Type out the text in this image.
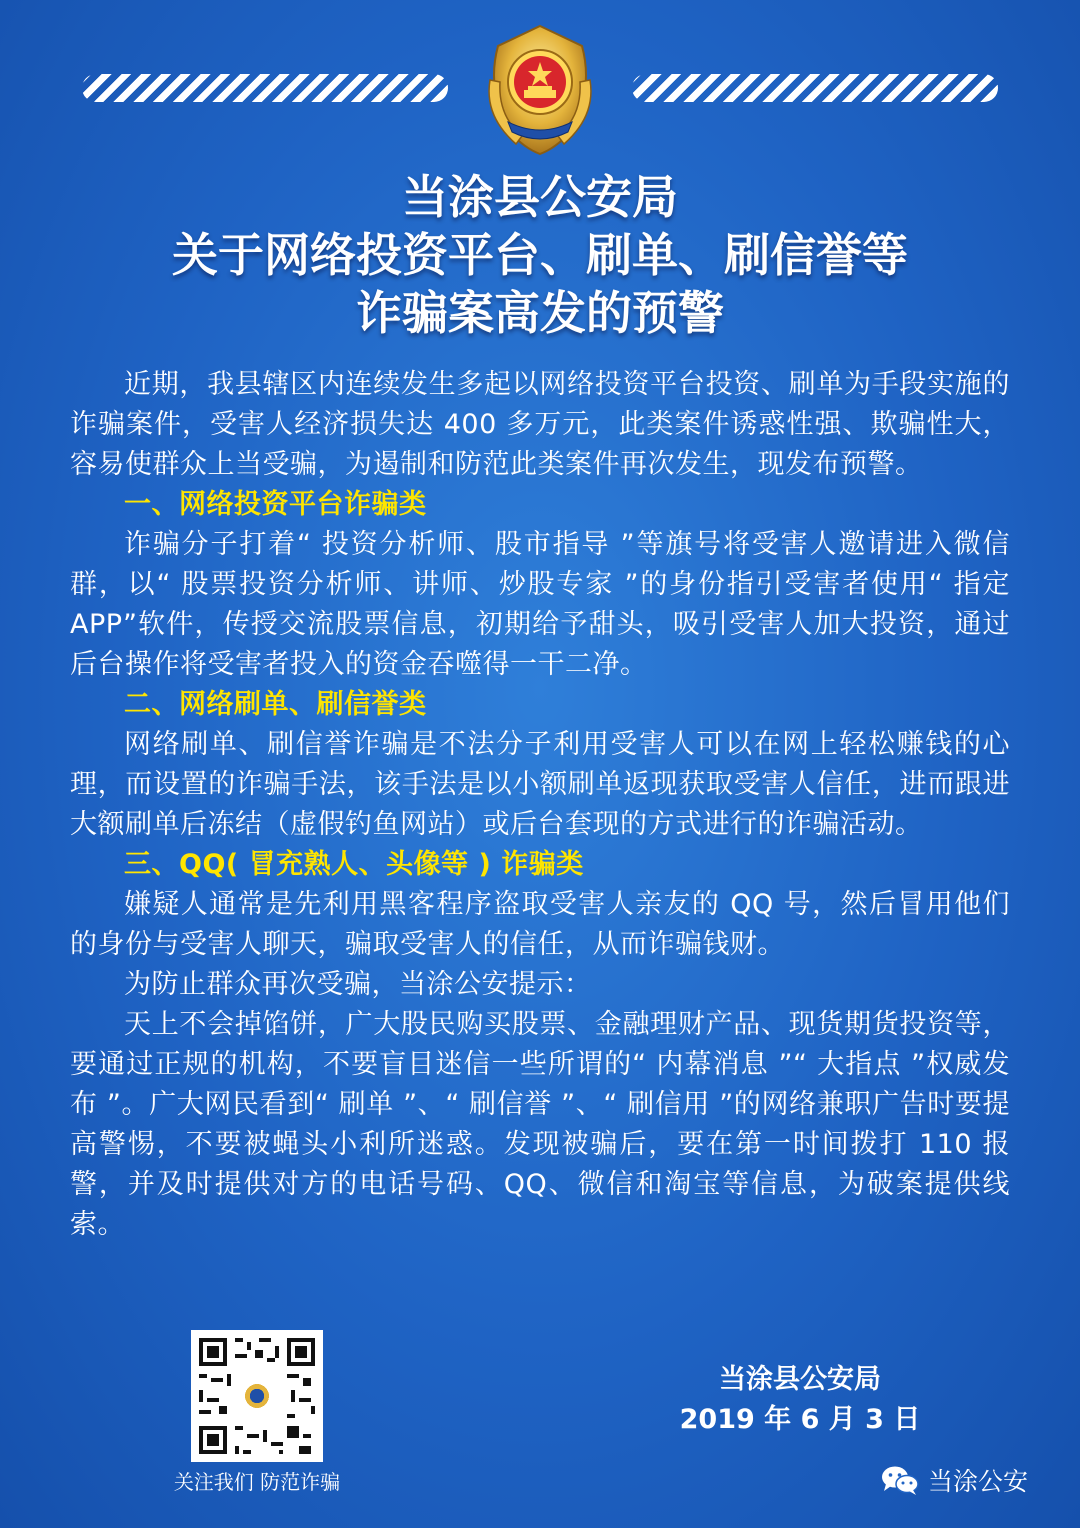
当涂县公安局
关于网络投资平台、刷单、刷信誉等
诈骗案高发的预警

近期，我县辖区内连续发生多起以网络投资平台投资、刷单为手段实施的诈骗案件，受害人经济损失达 400 多万元，此类案件诱惑性强、欺骗性大，容易使群众上当受骗，为遏制和防范此类案件再次发生，现发布预警。

一、网络投资平台诈骗类

诈骗分子打着“ 投资分析师、股市指导 ”等旗号将受害人邀请进入微信群，以“ 股票投资分析师、讲师、炒股专家 ”的身份指引受害者使用“ 指定 APP”软件，传授交流股票信息，初期给予甜头，吸引受害人加大投资，通过后台操作将受害者投入的资金吞噬得一干二净。

二、网络刷单、刷信誉类

网络刷单、刷信誉诈骗是不法分子利用受害人可以在网上轻松赚钱的心理，而设置的诈骗手法，该手法是以小额刷单返现获取受害人信任，进而跟进大额刷单后冻结（虚假钓鱼网站）或后台套现的方式进行的诈骗活动。

三、QQ( 冒充熟人、头像等 ) 诈骗类

嫌疑人通常是先利用黑客程序盗取受害人亲友的 QQ 号，然后冒用他们的身份与受害人聊天，骗取受害人的信任，从而诈骗钱财。

为防止群众再次受骗，当涂公安提示：

天上不会掉馅饼，广大股民购买股票、金融理财产品、现货期货投资等，要通过正规的机构，不要盲目迷信一些所谓的“ 内幕消息 ”“ 大指点 ”权威发布 ”。广大网民看到“ 刷单 ”、“ 刷信誉 ”、“ 刷信用 ”的网络兼职广告时要提高警惕，不要被蝇头小利所迷惑。发现被骗后，要在第一时间拨打 110 报警，并及时提供对方的电话号码、QQ、微信和淘宝等信息，为破案提供线索。

关注我们 防范诈骗
当涂县公安局
2019 年 6 月 3 日
当涂公安
